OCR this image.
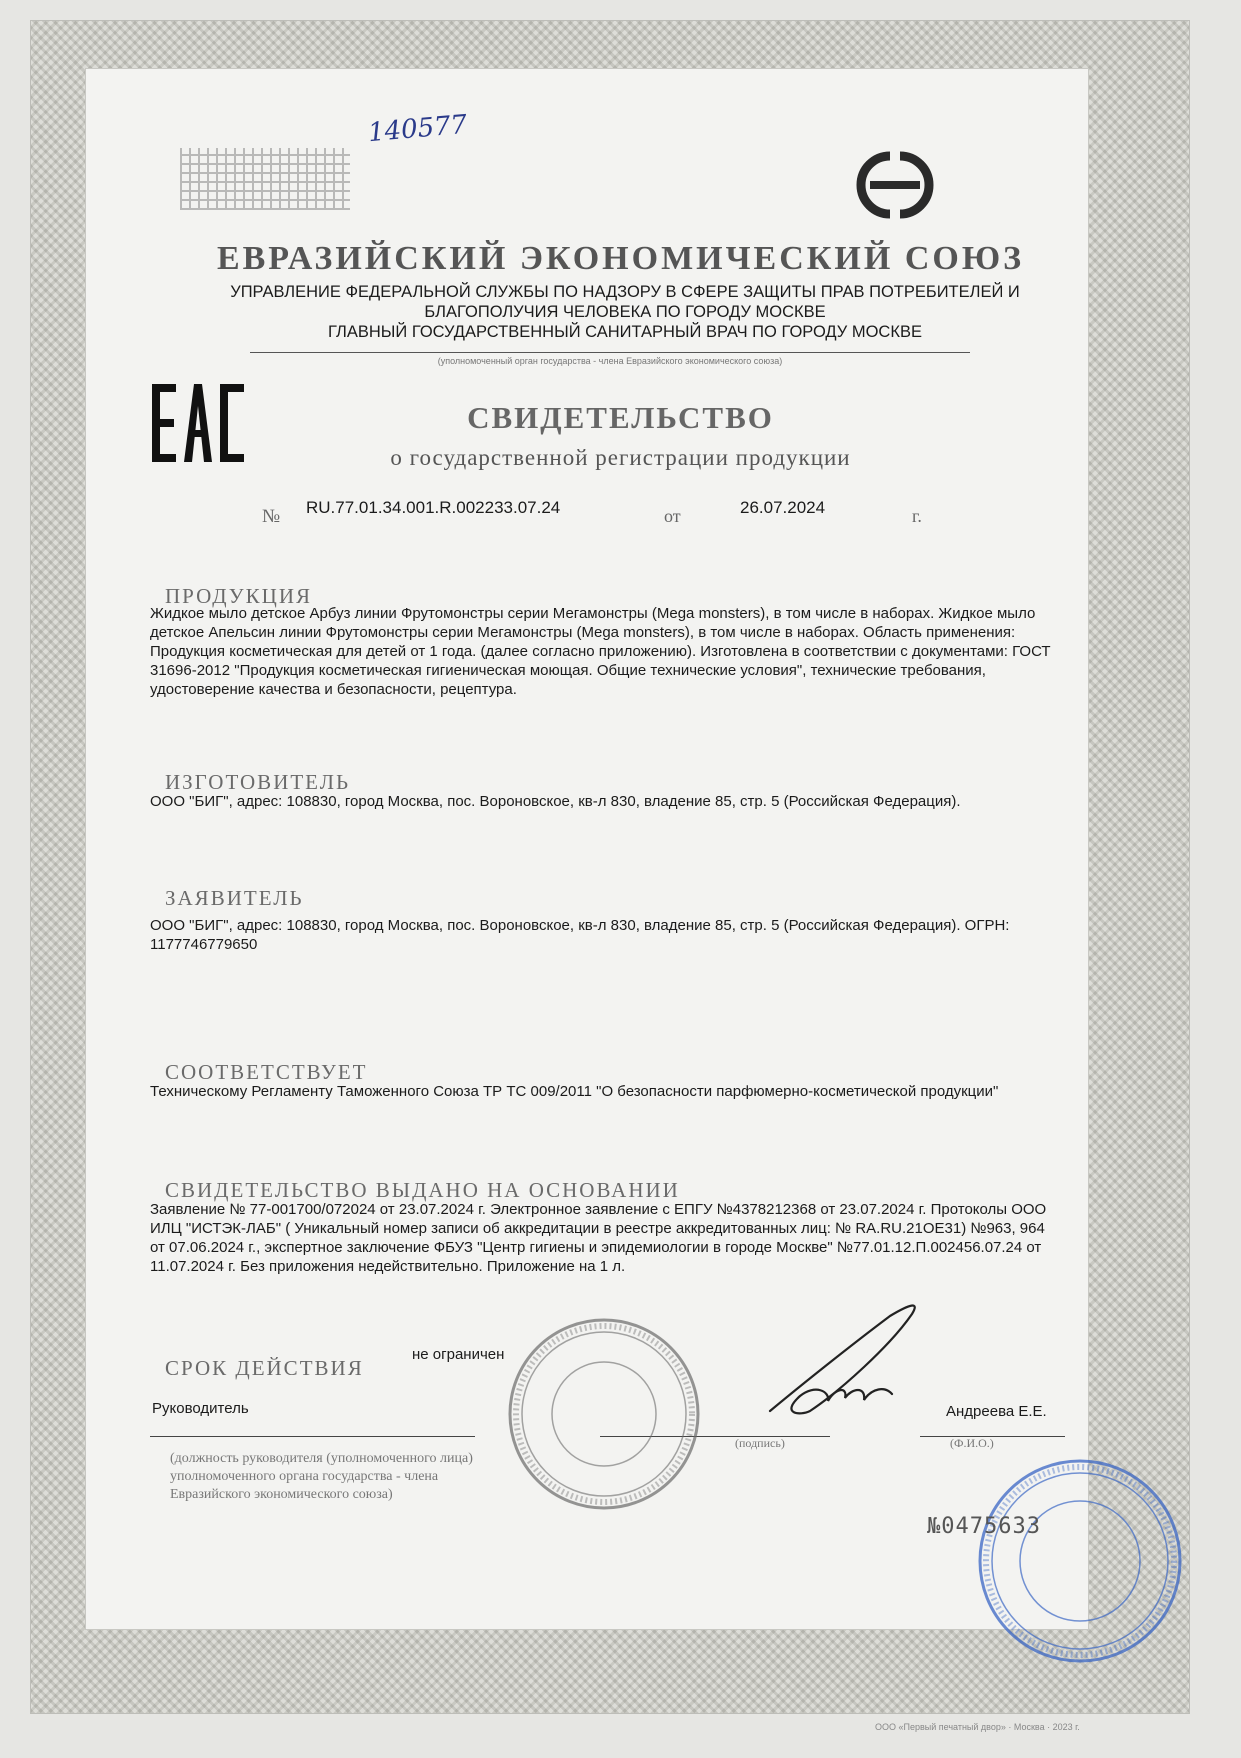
140577
ЕВРАЗИЙСКИЙ ЭКОНОМИЧЕСКИЙ СОЮЗ
УПРАВЛЕНИЕ ФЕДЕРАЛЬНОЙ СЛУЖБЫ ПО НАДЗОРУ В СФЕРЕ ЗАЩИТЫ ПРАВ ПОТРЕБИТЕЛЕЙ И
БЛАГОПОЛУЧИЯ ЧЕЛОВЕКА ПО ГОРОДУ МОСКВЕ
ГЛАВНЫЙ ГОСУДАРСТВЕННЫЙ САНИТАРНЫЙ ВРАЧ ПО ГОРОДУ МОСКВЕ
(уполномоченный орган государства - члена Евразийского экономического союза)
СВИДЕТЕЛЬСТВО
о государственной регистрации продукции
№ RU.77.01.34.001.R.002233.07.24	от	26.07.2024	г.
ПРОДУКЦИЯ
Жидкое мыло детское Арбуз линии Фрутомонстры серии Мегамонстры (Mega monsters), в том числе в наборах. Жидкое мыло детское Апельсин линии Фрутомонстры серии Мегамонстры (Mega monsters), в том числе в наборах. Область применения: Продукция косметическая для детей от 1 года. (далее согласно приложению). Изготовлена в соответствии с документами: ГОСТ 31696-2012 "Продукция косметическая гигиеническая моющая. Общие технические условия", технические требования, удостоверение качества и безопасности, рецептура.
ИЗГОТОВИТЕЛЬ
ООО "БИГ", адрес: 108830, город Москва, пос. Вороновское, кв-л 830, владение 85, стр. 5 (Российская Федерация).
ЗАЯВИТЕЛЬ
ООО "БИГ", адрес: 108830, город Москва, пос. Вороновское, кв-л 830, владение 85, стр. 5 (Российская Федерация). ОГРН: 1177746779650
СООТВЕТСТВУЕТ
Техническому Регламенту Таможенного Союза ТР ТС 009/2011 "О безопасности парфюмерно-косметической продукции"
СВИДЕТЕЛЬСТВО ВЫДАНО НА ОСНОВАНИИ
Заявление № 77-001700/072024 от 23.07.2024 г. Электронное заявление с ЕПГУ №4378212368 от 23.07.2024 г. Протоколы ООО ИЛЦ "ИСТЭК-ЛАБ" ( Уникальный номер записи об аккредитации в реестре аккредитованных лиц: № RA.RU.21ОЕ31) №963, 964 от 07.06.2024 г., экспертное заключение ФБУЗ "Центр гигиены и эпидемиологии в городе Москве" №77.01.12.П.002456.07.24 от 11.07.2024 г. Без приложения недействительно. Приложение на 1 л.
СРОК ДЕЙСТВИЯ
не ограничен
Руководитель	Андреева Е.Е.
(должность руководителя (уполномоченного лица) уполномоченного органа государства - члена Евразийского экономического союза)
(подпись)	(Ф.И.О.)
№0475633
ООО «Первый печатный двор» · Москва · 2023 г.
